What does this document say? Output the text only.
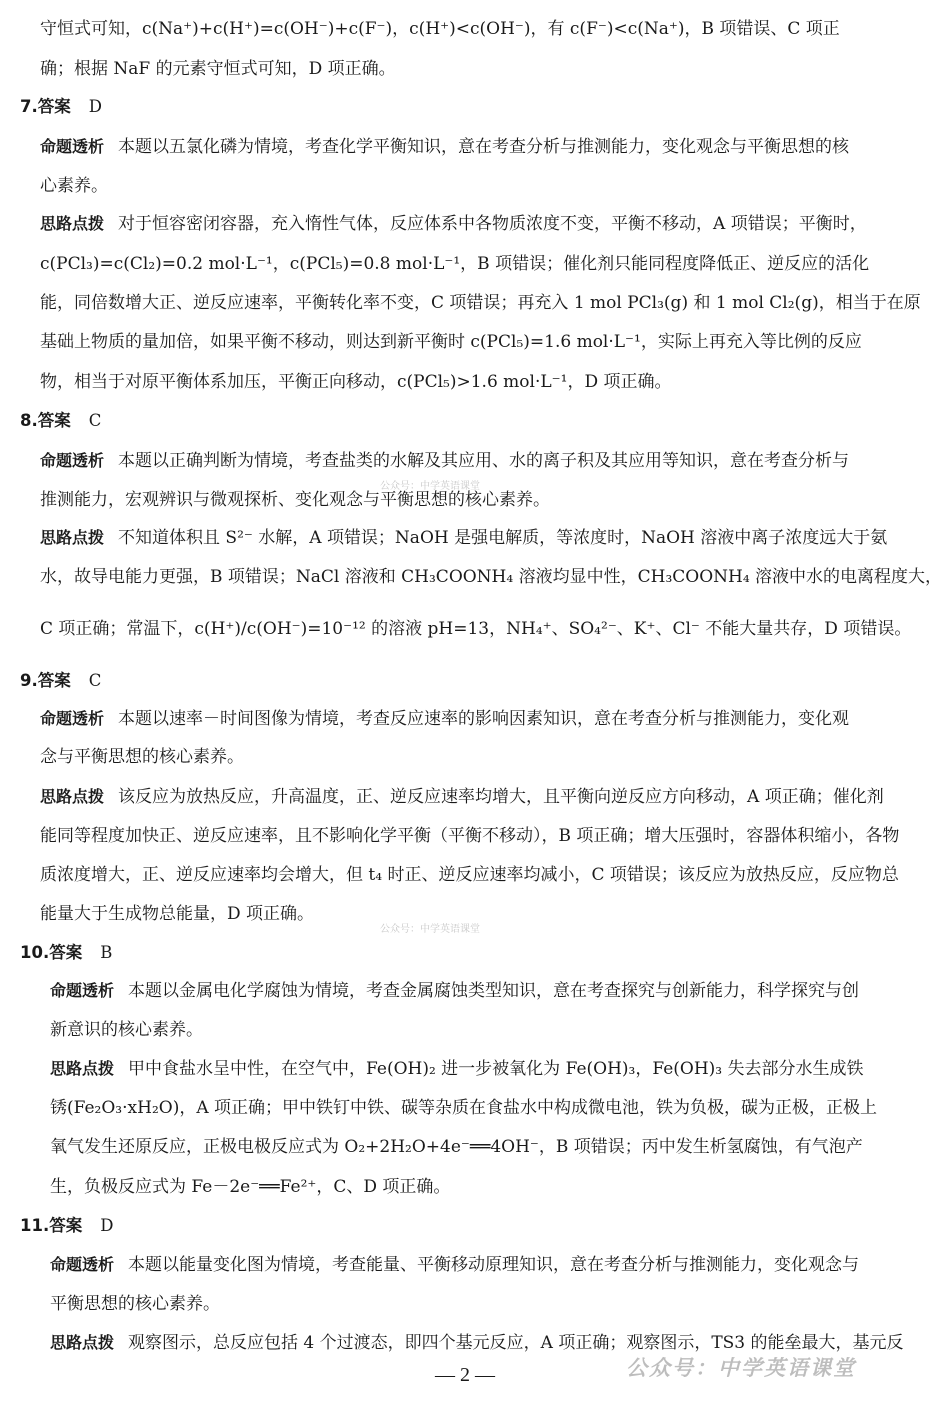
守恒式可知，c(Na⁺)+c(H⁺)=c(OH⁻)+c(F⁻)，c(H⁺)<c(OH⁻)，有 c(F⁻)<c(Na⁺)，B 项错误、C 项正
确；根据 NaF 的元素守恒式可知，D 项正确。
7.答案 D
命题透析 本题以五氯化磷为情境，考查化学平衡知识，意在考查分析与推测能力，变化观念与平衡思想的核
心素养。
思路点拨 对于恒容密闭容器，充入惰性气体，反应体系中各物质浓度不变，平衡不移动，A 项错误；平衡时，
c(PCl₃)=c(Cl₂)=0.2 mol·L⁻¹，c(PCl₅)=0.8 mol·L⁻¹，B 项错误；催化剂只能同程度降低正、逆反应的活化
能，同倍数增大正、逆反应速率，平衡转化率不变，C 项错误；再充入 1 mol PCl₃(g) 和 1 mol Cl₂(g)，相当于在原
基础上物质的量加倍，如果平衡不移动，则达到新平衡时 c(PCl₅)=1.6 mol·L⁻¹，实际上再充入等比例的反应
物，相当于对原平衡体系加压，平衡正向移动，c(PCl₅)>1.6 mol·L⁻¹，D 项正确。
8.答案 C
命题透析 本题以正确判断为情境，考查盐类的水解及其应用、水的离子积及其应用等知识，意在考查分析与
推测能力，宏观辨识与微观探析、变化观念与平衡思想的核心素养。
思路点拨 不知道体积且 S²⁻ 水解，A 项错误；NaOH 是强电解质，等浓度时，NaOH 溶液中离子浓度远大于氨
水，故导电能力更强，B 项错误；NaCl 溶液和 CH₃COONH₄ 溶液均显中性，CH₃COONH₄ 溶液中水的电离程度大，
C 项正确；常温下，c(H⁺)/c(OH⁻)=10⁻¹² 的溶液 pH=13，NH₄⁺、SO₄²⁻、K⁺、Cl⁻ 不能大量共存，D 项错误。
9.答案 C
命题透析 本题以速率－时间图像为情境，考查反应速率的影响因素知识，意在考查分析与推测能力，变化观
念与平衡思想的核心素养。
思路点拨 该反应为放热反应，升高温度，正、逆反应速率均增大，且平衡向逆反应方向移动，A 项正确；催化剂
能同等程度加快正、逆反应速率，且不影响化学平衡（平衡不移动），B 项正确；增大压强时，容器体积缩小，各物
质浓度增大，正、逆反应速率均会增大，但 t₄ 时正、逆反应速率均减小，C 项错误；该反应为放热反应，反应物总
能量大于生成物总能量，D 项正确。
10.答案 B
命题透析 本题以金属电化学腐蚀为情境，考查金属腐蚀类型知识，意在考查探究与创新能力，科学探究与创
新意识的核心素养。
思路点拨 甲中食盐水呈中性，在空气中，Fe(OH)₂ 进一步被氧化为 Fe(OH)₃，Fe(OH)₃ 失去部分水生成铁
锈(Fe₂O₃·xH₂O)，A 项正确；甲中铁钉中铁、碳等杂质在食盐水中构成微电池，铁为负极，碳为正极，正极上
氧气发生还原反应，正极电极反应式为 O₂+2H₂O+4e⁻══4OH⁻，B 项错误；丙中发生析氢腐蚀，有气泡产
生，负极反应式为 Fe－2e⁻══Fe²⁺，C、D 项正确。
11.答案 D
命题透析 本题以能量变化图为情境，考查能量、平衡移动原理知识，意在考查分析与推测能力，变化观念与
平衡思想的核心素养。
思路点拨 观察图示，总反应包括 4 个过渡态，即四个基元反应，A 项正确；观察图示，TS3 的能垒最大，基元反
公众号：中学英语课堂
公众号：中学英语课堂
公众号：中学英语课堂
— 2 —
